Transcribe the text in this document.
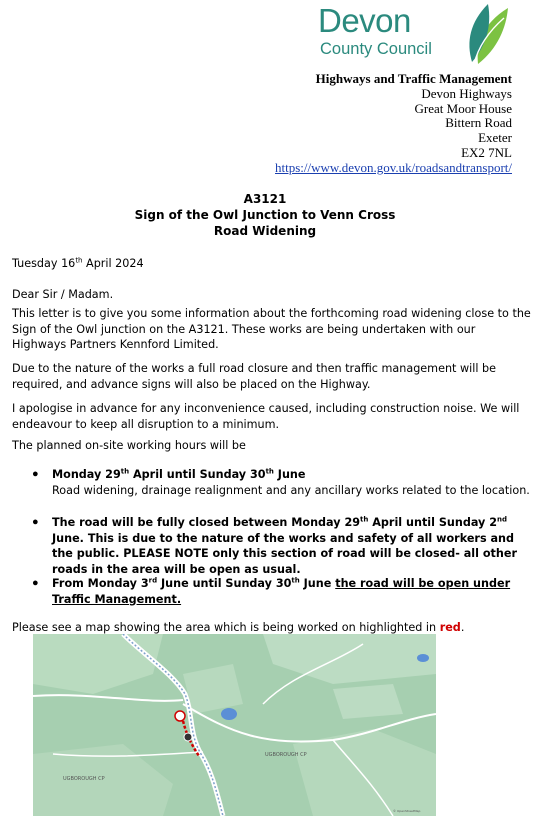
Devon
County Council
Highways and Traffic Management
Devon Highways
Great Moor House
Bittern Road
Exeter
EX2 7NL
https://www.devon.gov.uk/roadsandtransport/
A3121
Sign of the Owl Junction to Venn Cross
Road Widening
Tuesday 16th April 2024
Dear Sir / Madam.
This letter is to give you some information about the forthcoming road widening close to the Sign of the Owl junction on the A3121. These works are being undertaken with our Highways Partners Kennford Limited.
Due to the nature of the works a full road closure and then traffic management will be required, and advance signs will also be placed on the Highway.
I apologise in advance for any inconvenience caused, including construction noise. We will endeavour to keep all disruption to a minimum.
The planned on-site working hours will be
● Monday 29th April until Sunday 30th June
Road widening, drainage realignment and any ancillary works related to the location.
● The road will be fully closed between Monday 29th April until Sunday 2nd June. This is due to the nature of the works and safety of all workers and the public. PLEASE NOTE only this section of road will be closed- all other roads in the area will be open as usual.
● From Monday 3rd June until Sunday 30th June the road will be open under Traffic Management.
Please see a map showing the area which is being worked on highlighted in red.
UGBOROUGH CP
UGBOROUGH CP
© OpenStreetMap
